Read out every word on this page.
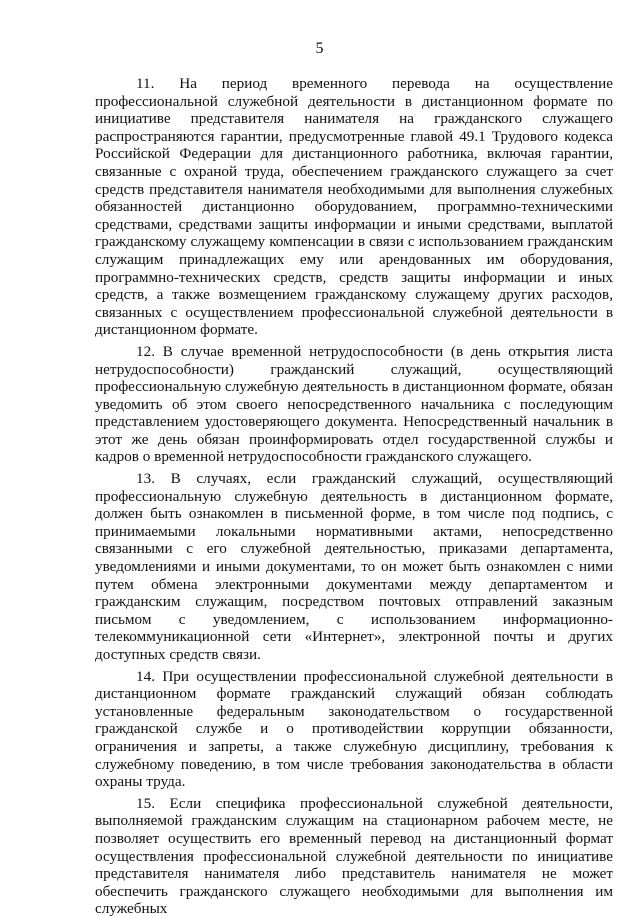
5

11. На период временного перевода на осуществление профессиональной служебной деятельности в дистанционном формате по инициативе представителя нанимателя на гражданского служащего распространяются гарантии, предусмотренные главой 49.1 Трудового кодекса Российской Федерации для дистанционного работника, включая гарантии, связанные с охраной труда, обеспечением гражданского служащего за счет средств представителя нанимателя необходимыми для выполнения служебных обязанностей дистанционно оборудованием, программно-техническими средствами, средствами защиты информации и иными средствами, выплатой гражданскому служащему компенсации в связи с использованием гражданским служащим принадлежащих ему или арендованных им оборудования, программно-технических средств, средств защиты информации и иных средств, а также возмещением гражданскому служащему других расходов, связанных с осуществлением профессиональной служебной деятельности в дистанционном формате.

12. В случае временной нетрудоспособности (в день открытия листа нетрудоспособности) гражданский служащий, осуществляющий профессиональную служебную деятельность в дистанционном формате, обязан уведомить об этом своего непосредственного начальника с последующим представлением удостоверяющего документа. Непосредственный начальник в этот же день обязан проинформировать отдел государственной службы и кадров о временной нетрудоспособности гражданского служащего.

13. В случаях, если гражданский служащий, осуществляющий профессиональную служебную деятельность в дистанционном формате, должен быть ознакомлен в письменной форме, в том числе под подпись, с принимаемыми локальными нормативными актами, непосредственно связанными с его служебной деятельностью, приказами департамента, уведомлениями и иными документами, то он может быть ознакомлен с ними путем обмена электронными документами между департаментом и гражданским служащим, посредством почтовых отправлений заказным письмом с уведомлением, с использованием информационно-телекоммуникационной сети «Интернет», электронной почты и других доступных средств связи.

14. При осуществлении профессиональной служебной деятельности в дистанционном формате гражданский служащий обязан соблюдать установленные федеральным законодательством о государственной гражданской службе и о противодействии коррупции обязанности, ограничения и запреты, а также служебную дисциплину, требования к служебному поведению, в том числе требования законодательства в области охраны труда.

15. Если специфика профессиональной служебной деятельности, выполняемой гражданским служащим на стационарном рабочем месте, не позволяет осуществить его временный перевод на дистанционный формат осуществления профессиональной служебной деятельности по инициативе представителя нанимателя либо представитель нанимателя не может обеспечить гражданского служащего необходимыми для выполнения им служебных
